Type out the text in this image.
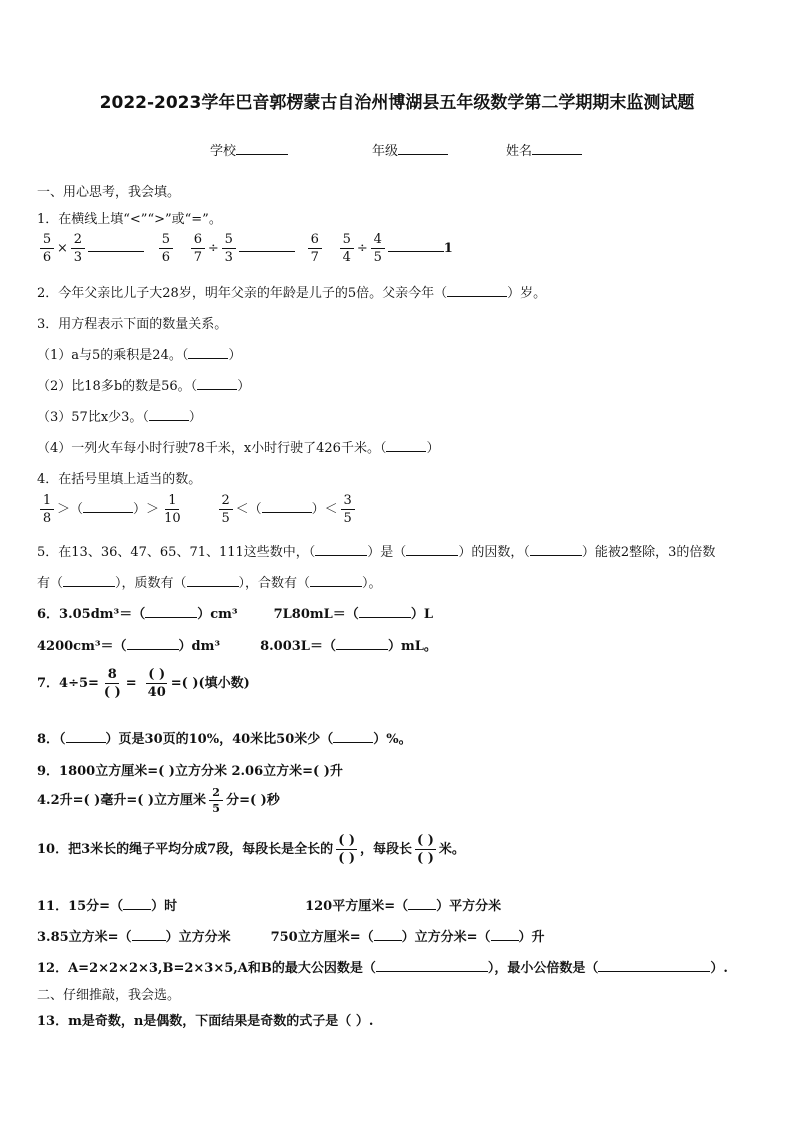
2022-2023学年巴音郭楞蒙古自治州博湖县五年级数学第二学期期末监测试题
学校	年级	姓名
一、用心思考，我会填。
1．在横线上填“<”“>”或“=”。
$\frac{5}{6} \times \frac{2}{3}$	$\frac{5}{6} \frac{6}{7} \div \frac{5}{3}$	$\frac{6}{7} \frac{5}{4} \div \frac{4}{5}$	1
2．今年父亲比儿子大28岁，明年父亲的年龄是儿子的5倍。父亲今年（	）岁。
3．用方程表示下面的数量关系。
（1）a与5的乘积是24。（	）
（2）比18多b的数是56。（	）
（3）57比x少3。（	）
（4）一列火车每小时行驶78千米，x小时行驶了426千米。（	）
4．在括号里填上适当的数。
$\frac{1}{8}$ ＞（	）＞ $\frac{1}{10}$	$\frac{2}{5}$ ＜（	）＜ $\frac{3}{5}$
5．在13、36、47、65、71、111这些数中，（	）是（	）的因数，（	）能被2整除，3的倍数
有（	），质数有（	），合数有（	）。
6．3.05dm³＝（	）cm³	7L80mL＝（	）L
4200cm³＝（	）dm³	8.003L＝（	）mL。
7．$4\div 5= \frac{8}{( )} = \frac{( )}{40}$ =( )(填小数)
8．（	）页是30页的10%，40米比50米少（	）%。
9．1800立方厘米=( )立方分米 2.06立方米=( )升
4.2升=( )毫升=( )立方厘米 $\frac{2}{5}$ 分=( )秒
10．把3米长的绳子平均分成7段，每段长是全长的 $\frac{( )}{( )}$ ，每段长 $\frac{( )}{( )}$ 米。
11．15分=（ ）时	120平方厘米=（ ）平方分米
3.85立方米=（	）立方分米	750立方厘米=（ ）立方分米=（ ）升
12．A=2×2×2×3,B=2×3×5,A和B的最大公因数是（	），最小公倍数是（	）.
二、仔细推敲，我会选。
13．m是奇数，n是偶数，下面结果是奇数的式子是（ ）.
